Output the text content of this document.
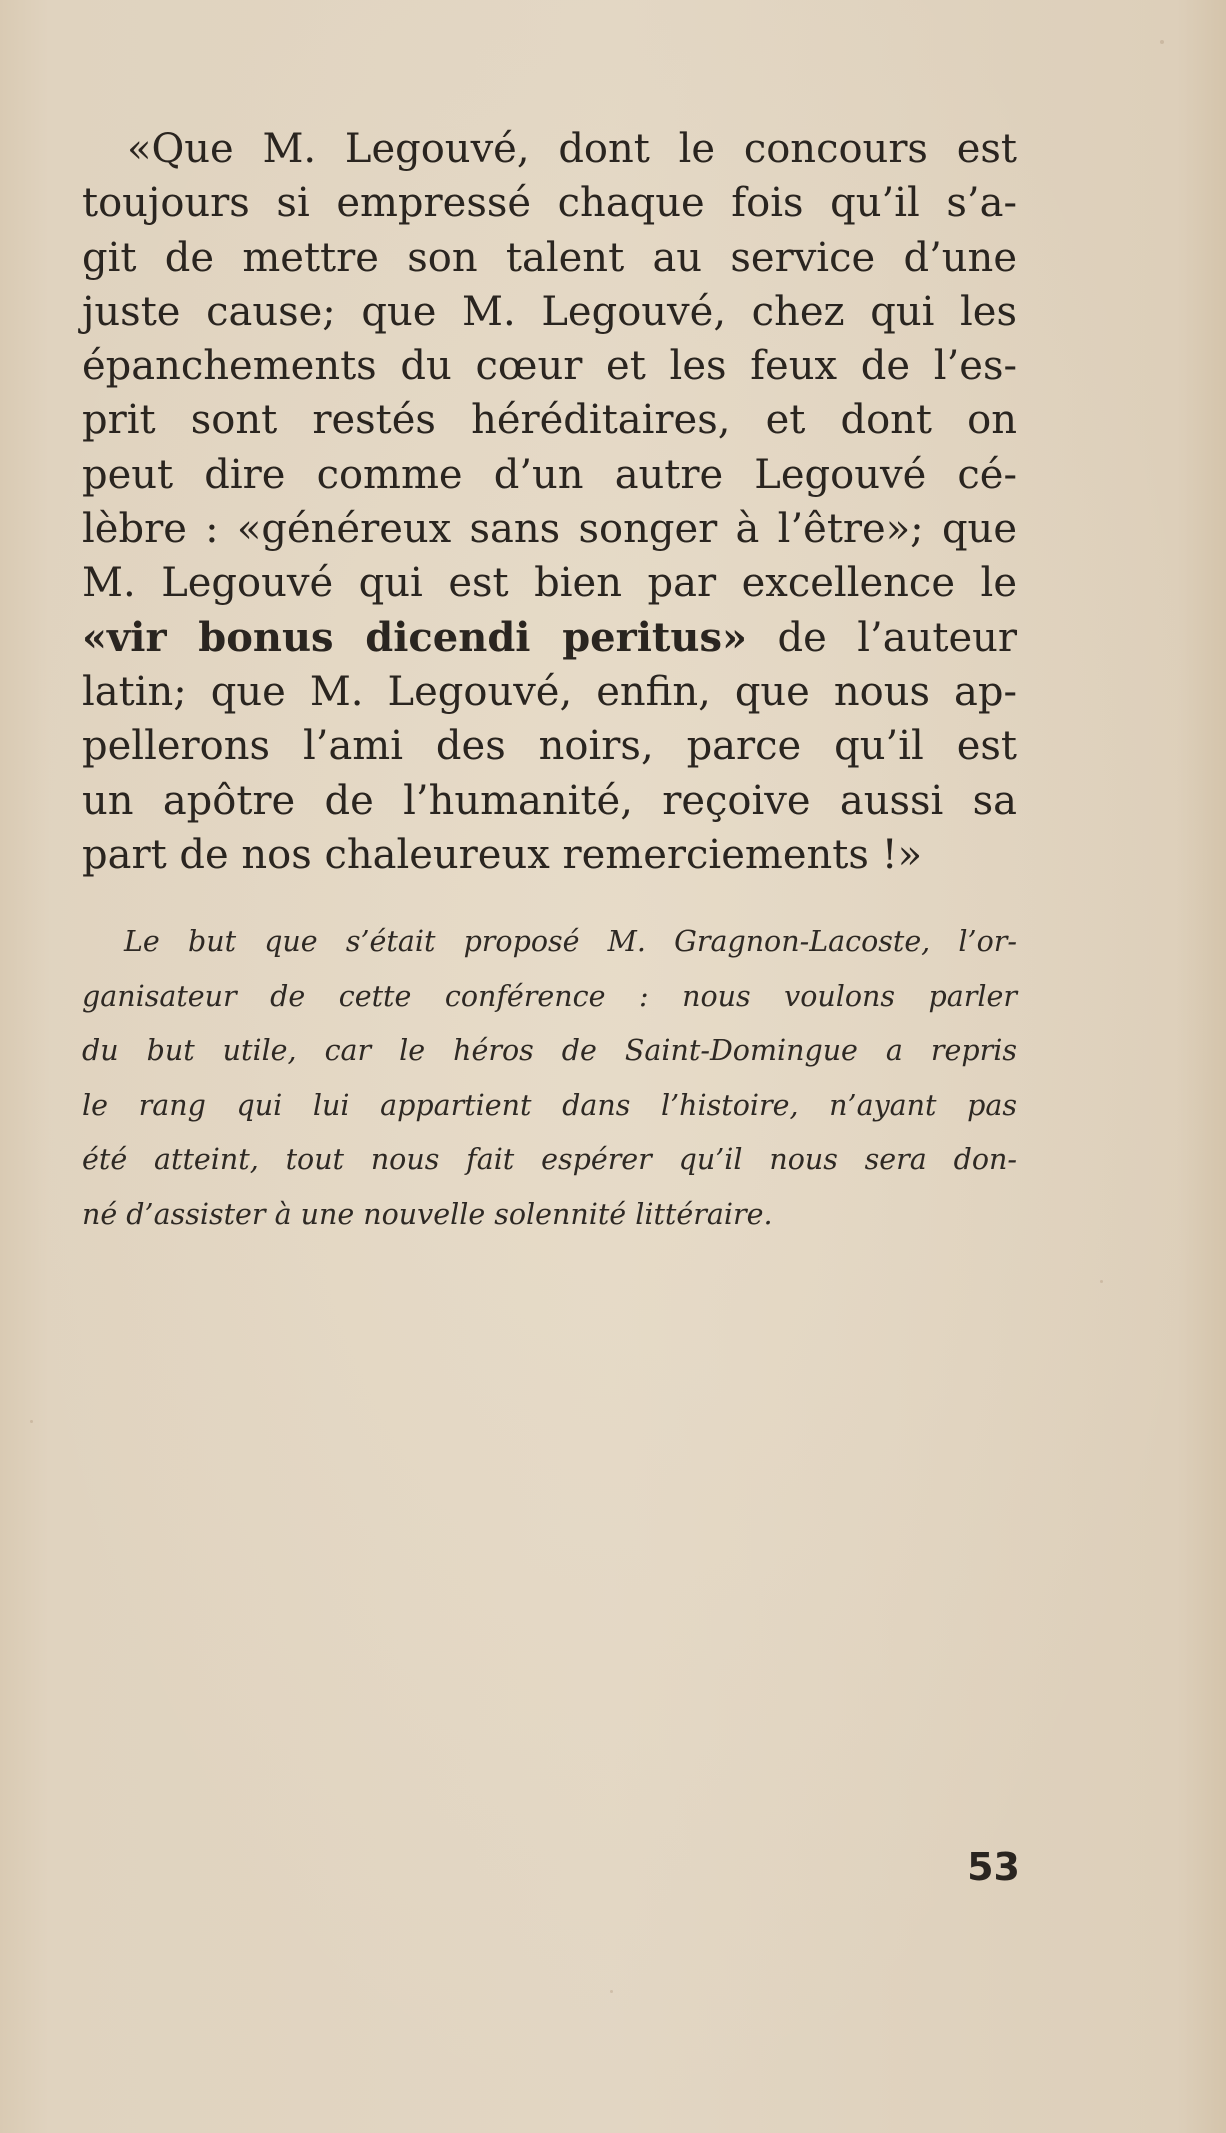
«Que M. Legouvé, dont le concours est
toujours si empressé chaque fois qu’il s’a-
git de mettre son talent au service d’une
juste cause; que M. Legouvé, chez qui les
épanchements du cœur et les feux de l’es-
prit sont restés héréditaires, et dont on
peut dire comme d’un autre Legouvé cé-
lèbre : «généreux sans songer à l’être»; que
M. Legouvé qui est bien par excellence le
«vir bonus dicendi peritus» de l’auteur
latin; que M. Legouvé, enfin, que nous ap-
pellerons l’ami des noirs, parce qu’il est
un apôtre de l’humanité, reçoive aussi sa
part de nos chaleureux remerciements !»

Le but que s’était proposé M. Gragnon-Lacoste, l’or-
ganisateur de cette conférence : nous voulons parler
du but utile, car le héros de Saint-Domingue a repris
le rang qui lui appartient dans l’histoire, n’ayant pas
été atteint, tout nous fait espérer qu’il nous sera don-
né d’assister à une nouvelle solennité littéraire.

53
